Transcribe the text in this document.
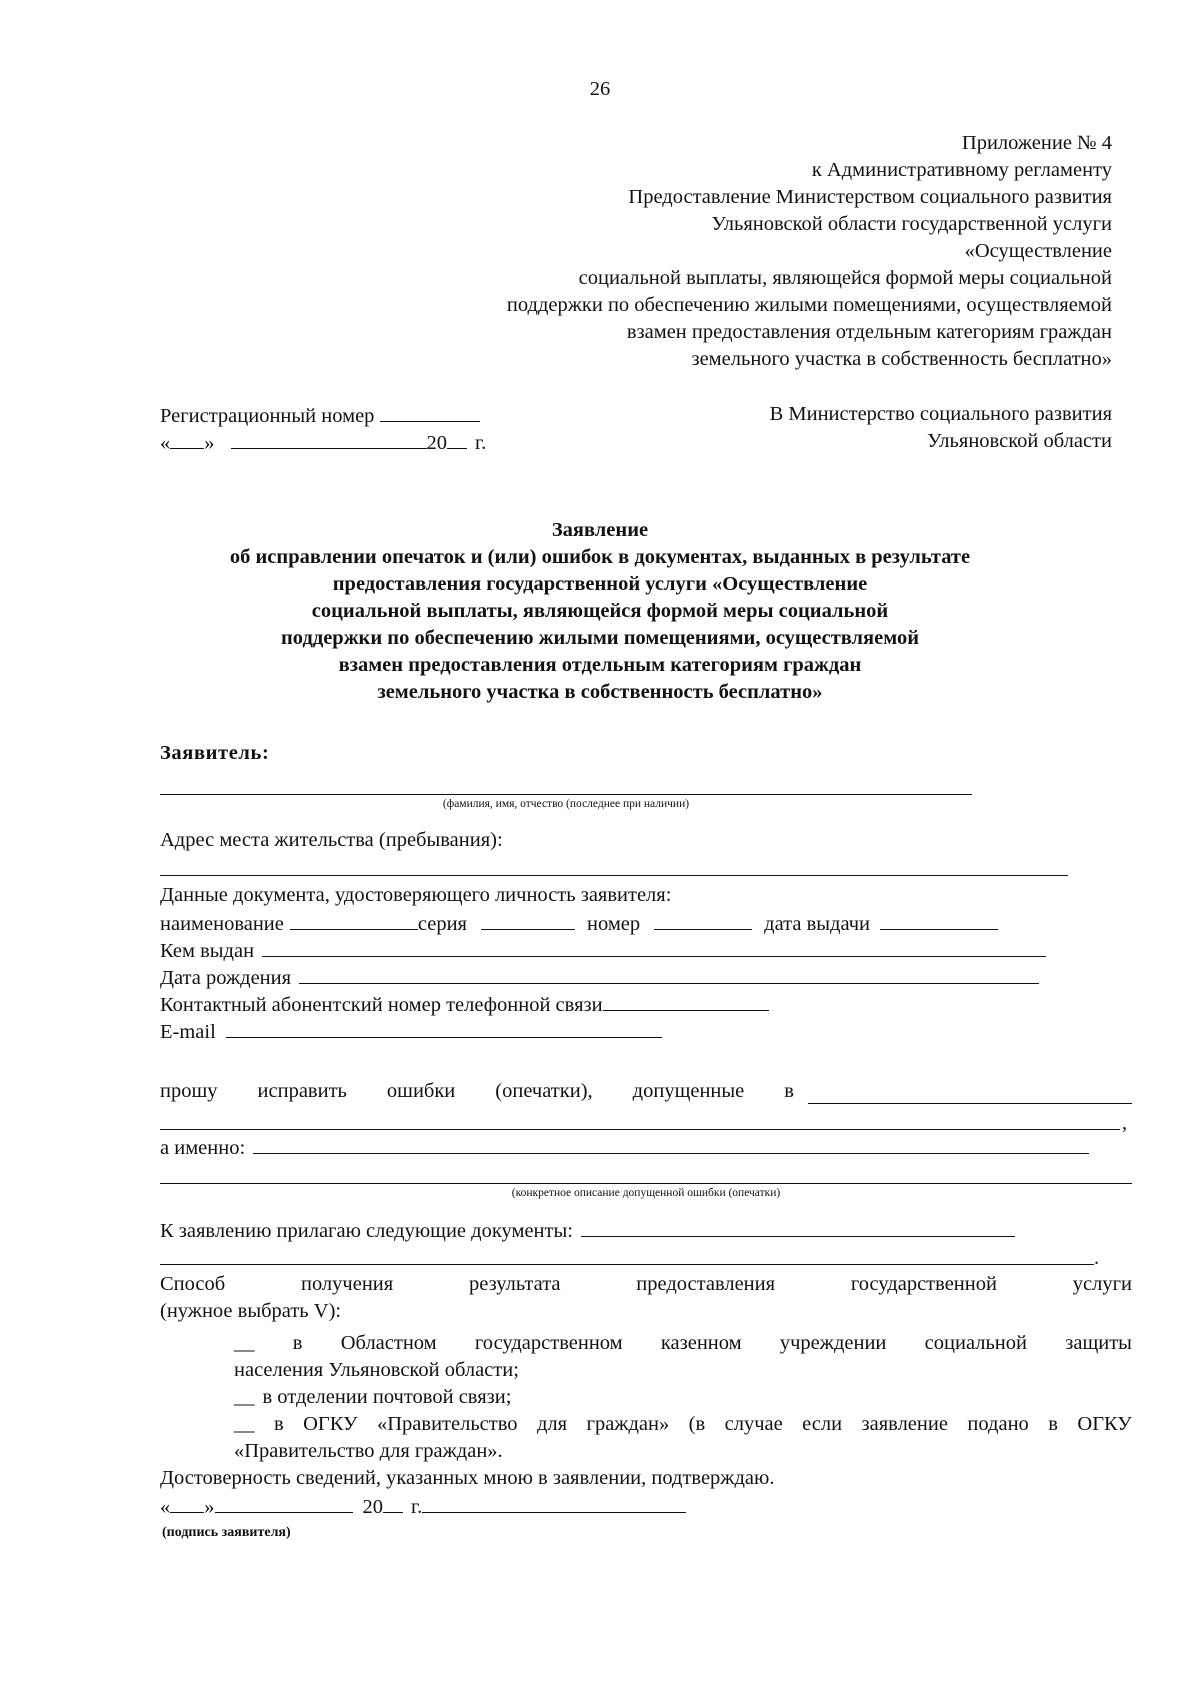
26
Приложение № 4
к Административному регламенту
Предоставление Министерством социального развития
Ульяновской области государственной услуги
«Осуществление
социальной выплаты, являющейся формой меры социальной
поддержки по обеспечению жилыми помещениями, осуществляемой
взамен предоставления отдельным категориям граждан
земельного участка в собственность бесплатно»
Регистрационный номер
« »	20 г.
В Министерство социального развития
Ульяновской области
Заявление
об исправлении опечаток и (или) ошибок в документах, выданных в результате
предоставления государственной услуги «Осуществление
социальной выплаты, являющейся формой меры социальной
поддержки по обеспечению жилыми помещениями, осуществляемой
взамен предоставления отдельным категориям граждан
земельного участка в собственность бесплатно»
Заявитель:
(фамилия, имя, отчество (последнее при наличии)
Адрес места жительства (пребывания):
Данные документа, удостоверяющего личность заявителя:
наименование	серия	номер	дата выдачи
Кем выдан
Дата рождения
Контактный абонентский номер телефонной связи
E-mail
прошу исправить ошибки (опечатки), допущенные в
,
а именно:
(конкретное описание допущенной ошибки (опечатки)
К заявлению прилагаю следующие документы:
.
Способ	получения	результата	предоставления	государственной	услуги
(нужное выбрать V):
__ в Областном государственном казенном учреждении социальной защиты
населения Ульяновской области;
__ в отделении почтовой связи;
__ в ОГКУ «Правительство для граждан» (в случае если заявление подано в ОГКУ
«Правительство для граждан».
Достоверность сведений, указанных мною в заявлении, подтверждаю.
« »	20 г.
(подпись заявителя)
